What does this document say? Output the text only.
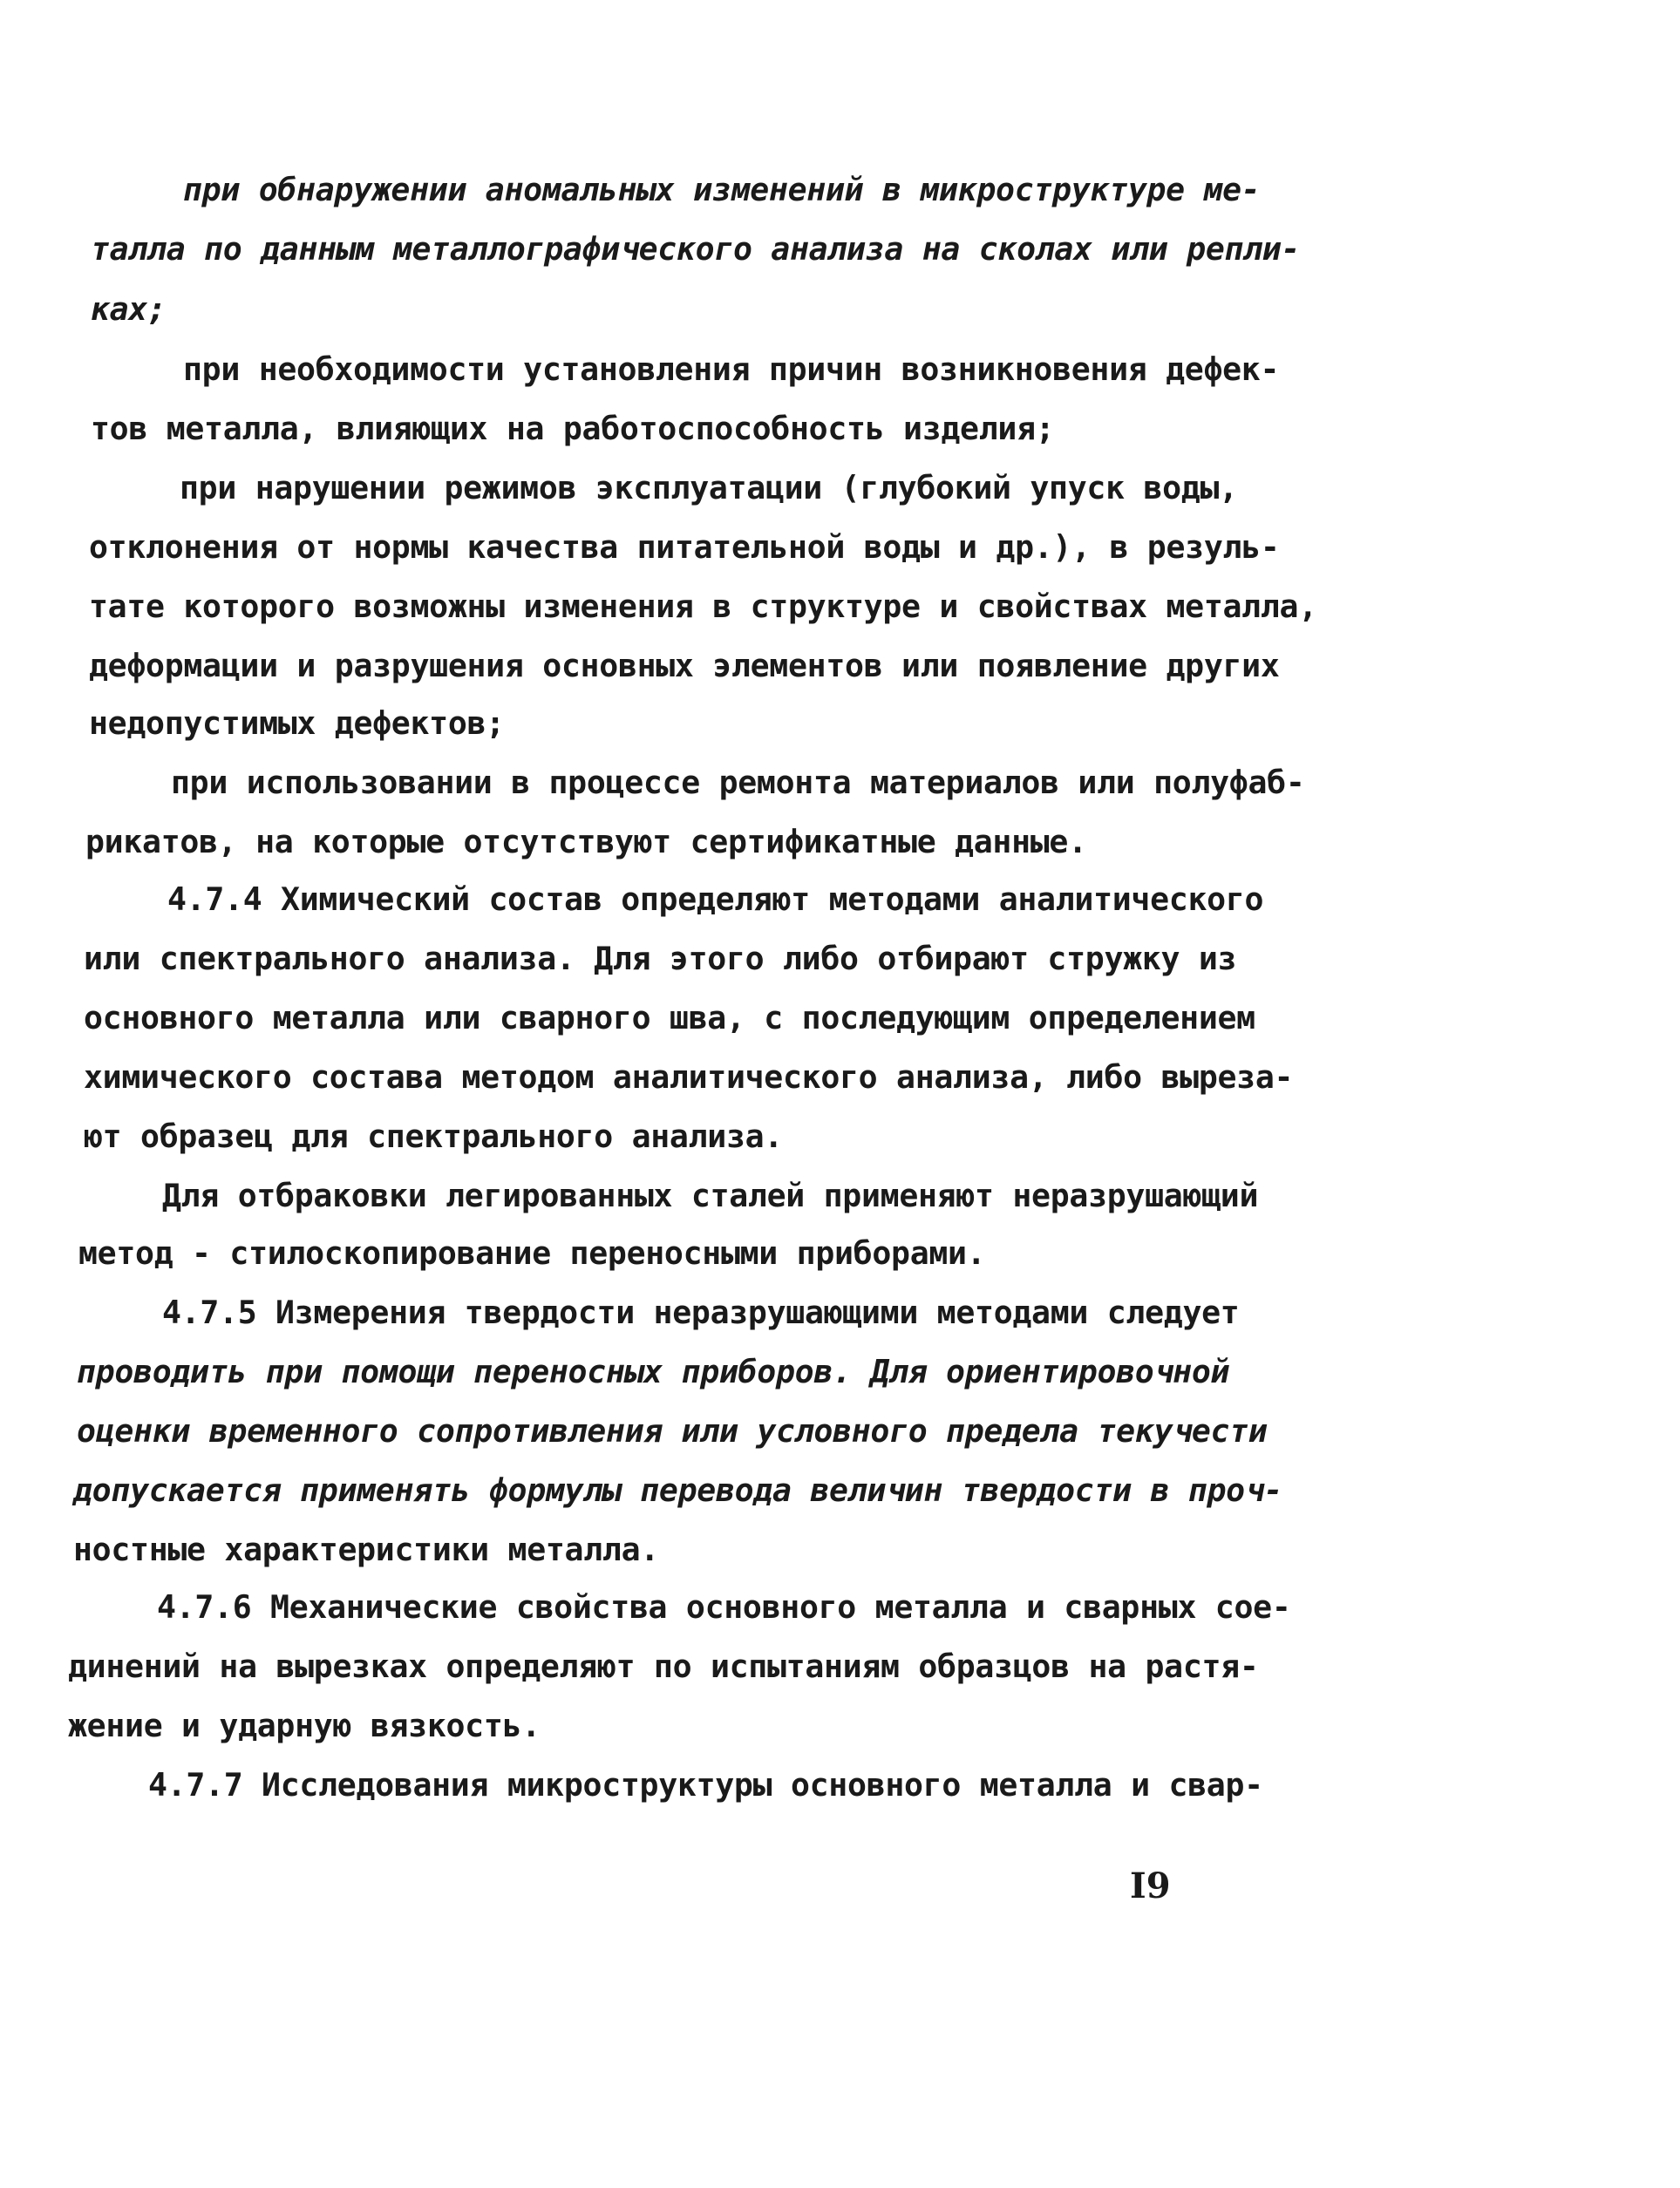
при обнаружении аномальных изменений в микроструктуре ме-
талла по данным металлографического анализа на сколах или репли-
ках;
при необходимости установления причин возникновения дефек-
тов металла, влияющих на работоспособность изделия;
при нарушении режимов эксплуатации (глубокий упуск воды,
отклонения от нормы качества питательной воды и др.), в резуль-
тате которого возможны изменения в структуре и свойствах металла,
деформации и разрушения основных элементов или появление других
недопустимых дефектов;
при использовании в процессе ремонта материалов или полуфаб-
рикатов, на которые отсутствуют сертификатные данные.
4.7.4 Химический состав определяют методами аналитического
или спектрального анализа. Для этого либо отбирают стружку из
основного металла или сварного шва, с последующим определением
химического состава методом аналитического анализа, либо выреза-
ют образец для спектрального анализа.
Для отбраковки легированных сталей применяют неразрушающий
метод - стилоскопирование переносными приборами.
4.7.5 Измерения твердости неразрушающими методами следует
проводить при помощи переносных приборов. Для ориентировочной
оценки временного сопротивления или условного предела текучести
допускается применять формулы перевода величин твердости в проч-
ностные характеристики металла.
4.7.6 Механические свойства основного металла и сварных сое-
динений на вырезках определяют по испытаниям образцов на растя-
жение и ударную вязкость.
4.7.7 Исследования микроструктуры основного металла и свар-
I9
